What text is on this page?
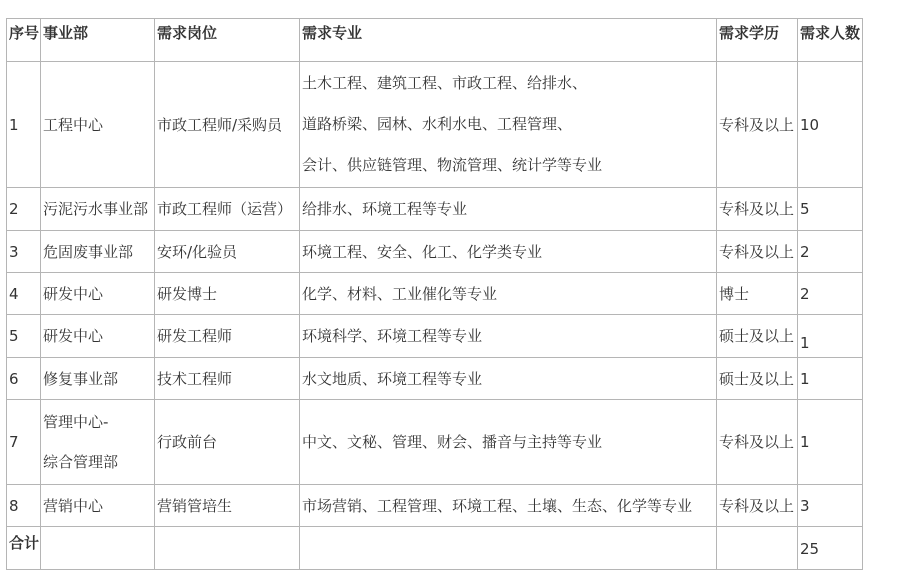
序号	事业部	需求岗位	需求专业	需求学历	需求人数
1	工程中心	市政工程师/采购员	土木工程、建筑工程、市政工程、给排水、
道路桥梁、园林、水利水电、工程管理、
会计、供应链管理、物流管理、统计学等专业	专科及以上	10
2	污泥污水事业部	市政工程师（运营）	给排水、环境工程等专业	专科及以上	5
3	危固废事业部	安环/化验员	环境工程、安全、化工、化学类专业	专科及以上	2
4	研发中心	研发博士	化学、材料、工业催化等专业	博士	2
5	研发中心	研发工程师	环境科学、环境工程等专业	硕士及以上	1
6	修复事业部	技术工程师	水文地质、环境工程等专业	硕士及以上	1
7	管理中心-
综合管理部	行政前台	中文、文秘、管理、财会、播音与主持等专业	专科及以上	1
8	营销中心	营销管培生	市场营销、工程管理、环境工程、土壤、生态、化学等专业	专科及以上	3
合计					25
